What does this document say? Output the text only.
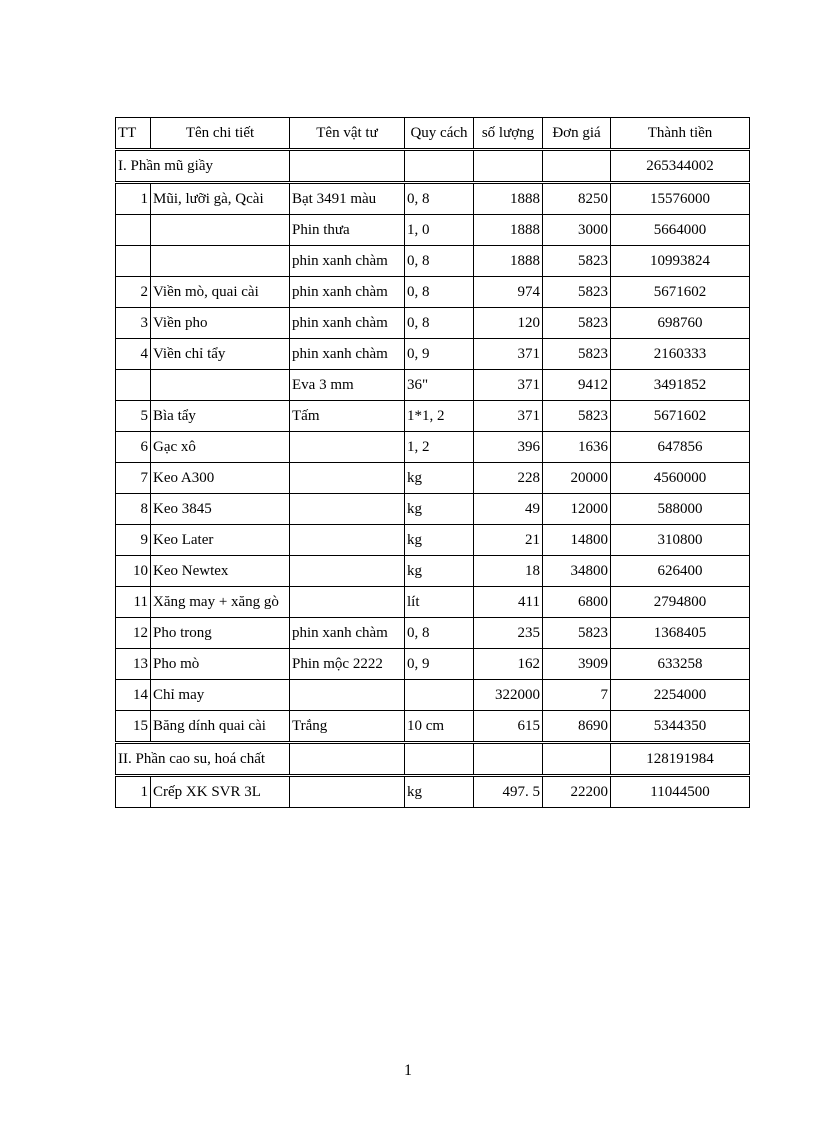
TT	Tên chi tiết	Tên vật tư	Quy cách	số lượng	Đơn giá	Thành tiền
I. Phần mũ giầy						265344002
1	Mũi, lưỡi gà, Qcài	Bạt 3491 màu	0, 8	1888	8250	15576000
		Phin thưa	1, 0	1888	3000	5664000
		phin xanh chàm	0, 8	1888	5823	10993824
2	Viền mò, quai cài	phin xanh chàm	0, 8	974	5823	5671602
3	Viền pho	phin xanh chàm	0, 8	120	5823	698760
4	Viền chỉ tẩy	phin xanh chàm	0, 9	371	5823	2160333
		Eva 3 mm	36"	371	9412	3491852
5	Bìa tẩy	Tấm	1*1, 2	371	5823	5671602
6	Gạc xô		1, 2	396	1636	647856
7	Keo A300		kg	228	20000	4560000
8	Keo 3845		kg	49	12000	588000
9	Keo Later		kg	21	14800	310800
10	Keo Newtex		kg	18	34800	626400
11	Xăng may + xăng gò		lít	411	6800	2794800
12	Pho trong	phin xanh chàm	0, 8	235	5823	1368405
13	Pho mò	Phin mộc 2222	0, 9	162	3909	633258
14	Chỉ may			322000	7	2254000
15	Băng dính quai cài	Trắng	10 cm	615	8690	5344350
II. Phần cao su, hoá chất						128191984
1	Crếp XK SVR 3L		kg	497. 5	22200	11044500
1
